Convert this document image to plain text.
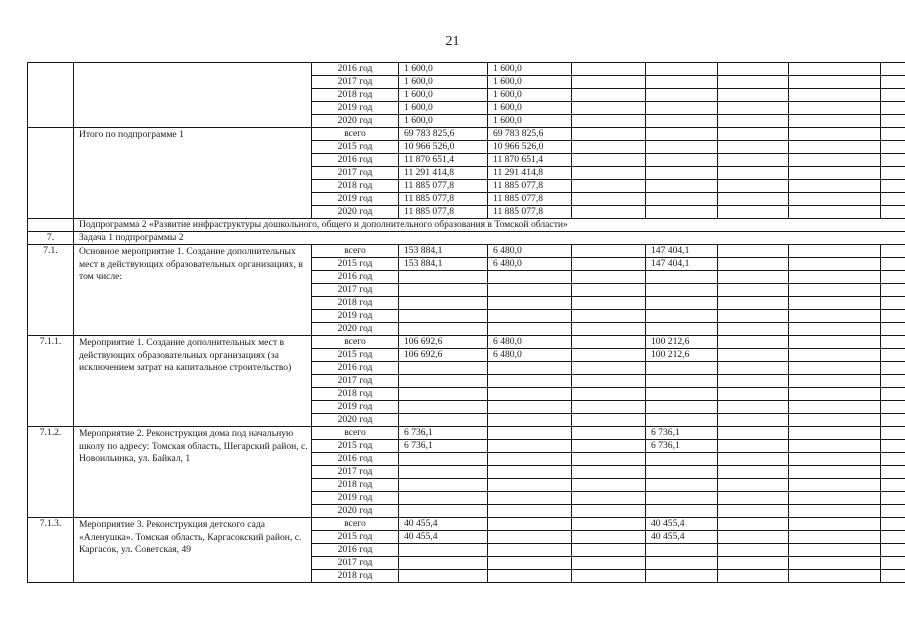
21
		2016 год	1 600,0	1 600,0					
		2017 год	1 600,0	1 600,0					
		2018 год	1 600,0	1 600,0					
		2019 год	1 600,0	1 600,0					
		2020 год	1 600,0	1 600,0					
	Итого по подпрограмме 1	всего	69 783 825,6	69 783 825,6					
		2015 год	10 966 526,0	10 966 526,0					
		2016 год	11 870 651,4	11 870 651,4					
		2017 год	11 291 414,8	11 291 414,8					
		2018 год	11 885 077,8	11 885 077,8					
		2019 год	11 885 077,8	11 885 077,8					
		2020 год	11 885 077,8	11 885 077,8					
	Подпрограмма 2 «Развитие инфраструктуры дошкольного, общего и дополнительного образования в Томской области»								
7.	Задача 1 подпрограммы 2								
7.1.	Основное мероприятие 1. Создание дополнительных мест в действующих образовательных организациях, в том числе:	всего	153 884,1	6 480,0		147 404,1			
		2015 год	153 884,1	6 480,0		147 404,1			
		2016 год							
		2017 год							
		2018 год							
		2019 год							
		2020 год							
7.1.1.	Мероприятие 1. Создание дополнительных мест в действующих образовательных организациях (за исключением затрат на капитальное строительство)	всего	106 692,6	6 480,0		100 212,6			
		2015 год	106 692,6	6 480,0		100 212,6			
		2016 год							
		2017 год							
		2018 год							
		2019 год							
		2020 год							
7.1.2.	Мероприятие 2. Реконструкция дома под начальную школу по адресу: Томская область, Шегарский район, с. Новоильинка, ул. Байкал, 1	всего	6 736,1			6 736,1			
		2015 год	6 736,1			6 736,1			
		2016 год							
		2017 год							
		2018 год							
		2019 год							
		2020 год							
7.1.3.	Мероприятие 3. Реконструкция детского сада «Аленушка». Томская область, Каргасокский район, с. Каргасок, ул. Советская, 49	всего	40 455,4			40 455,4			
		2015 год	40 455,4			40 455,4			
		2016 год							
		2017 год							
		2018 год							
